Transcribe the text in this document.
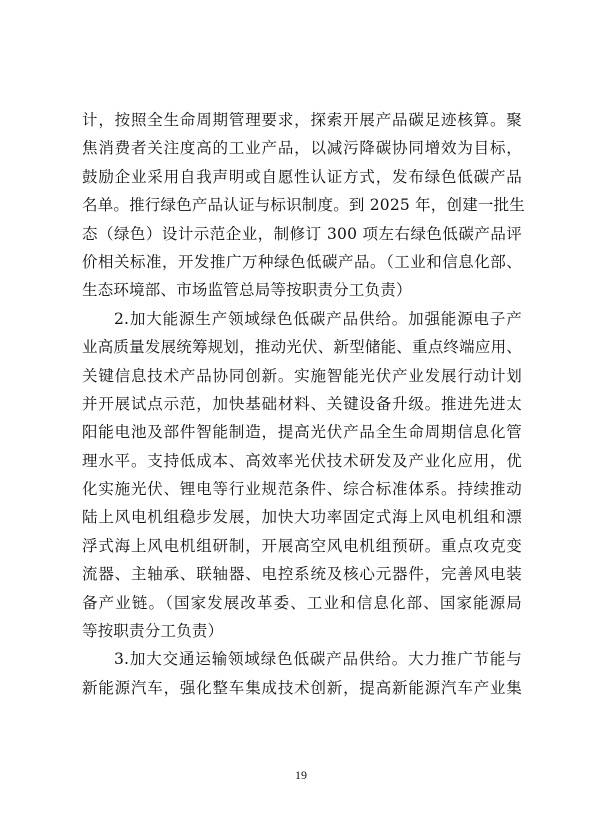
计，按照全生命周期管理要求，探索开展产品碳足迹核算。聚
焦消费者关注度高的工业产品，以减污降碳协同增效为目标，
鼓励企业采用自我声明或自愿性认证方式，发布绿色低碳产品
名单。推行绿色产品认证与标识制度。到 2025 年，创建一批生
态（绿色）设计示范企业，制修订 300 项左右绿色低碳产品评
价相关标准，开发推广万种绿色低碳产品。（工业和信息化部、
生态环境部、市场监管总局等按职责分工负责）
2.加大能源生产领域绿色低碳产品供给。加强能源电子产
业高质量发展统筹规划，推动光伏、新型储能、重点终端应用、
关键信息技术产品协同创新。实施智能光伏产业发展行动计划
并开展试点示范，加快基础材料、关键设备升级。推进先进太
阳能电池及部件智能制造，提高光伏产品全生命周期信息化管
理水平。支持低成本、高效率光伏技术研发及产业化应用，优
化实施光伏、锂电等行业规范条件、综合标准体系。持续推动
陆上风电机组稳步发展，加快大功率固定式海上风电机组和漂
浮式海上风电机组研制，开展高空风电机组预研。重点攻克变
流器、主轴承、联轴器、电控系统及核心元器件，完善风电装
备产业链。（国家发展改革委、工业和信息化部、国家能源局
等按职责分工负责）
3.加大交通运输领域绿色低碳产品供给。大力推广节能与
新能源汽车，强化整车集成技术创新，提高新能源汽车产业集
19
